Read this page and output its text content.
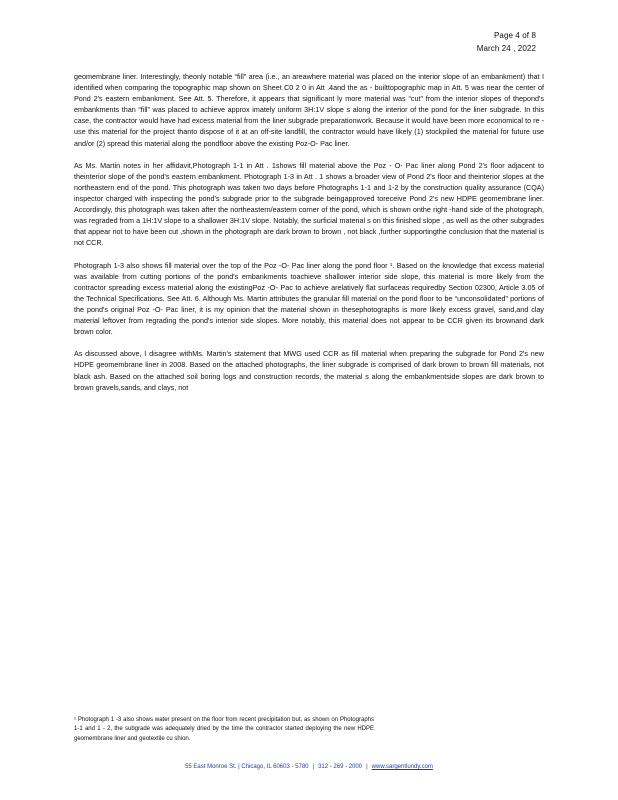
Page 4 of 8
March 24 , 2022

geomembrane liner. Interestingly, theonly notable “fill” area (i.e., an areawhere material was placed on the interior slope of an embankment) that I identified when comparing the topographic map shown on Sheet C0 2 0 in Att .4and the as - builttopographic map in Att. 5 was near the center of Pond 2's eastern embankment. See Att. 5. Therefore, it appears that significant ly more material was “cut” from the interior slopes of thepond's embankments than “fill” was placed to achieve approx imately uniform 3H:1V slope s along the interior of the pond for the liner subgrade. In this case, the contractor would have had excess material from the liner subgrade preparationwork. Because it would have been more economical to re -use this material for the project thanto dispose of it at an off-site landfill, the contractor would have likely (1) stockpiled the material for future use and/or (2) spread this material along the pondfloor above the existing Poz-O- Pac liner.

As Ms. Martin notes in her affidavit,Photograph 1-1 in Att . 1shows fill material above the Poz - O- Pac liner along Pond 2's floor adjacent to theinterior slope of the pond's eastern embankment. Photograph 1-3 in Att . 1 shows a broader view of Pond 2's floor and theinterior slopes at the northeastern end of the pond. This photograph was taken two days before Photographs 1-1 and 1-2 by the construction quality assurance (CQA) inspector charged with inspecting the pond's subgrade prior to the subgrade beingapproved toreceive Pond 2's new HDPE geomembrane liner. Accordingly, this photograph was taken after the northeastern/eastern corner of the pond, which is shown onthe right -hand side of the photograph, was regraded from a 1H:1V slope to a shallower 3H:1V slope. Notably, the surficial material s on this finished slope , as well as the other subgrades that appear not to have been cut ,shown in the photograph are dark brown to brown , not black ,further supportingthe conclusion that the material is not CCR.

Photograph 1-3 also shows fill material over the top of the Poz -O- Pac liner along the pond floor ¹. Based on the knowledge that excess material was available from cutting portions of the pond's embankments toachieve shallower interior side slope, this material is more likely from the contractor spreading excess material along the existingPoz -O- Pac to achieve arelatively flat surfaceas requiredby Section 02300, Article 3.05 of the Technical Specifications. See Att. 6. Although Ms. Martin attributes the granular fill material on the pond floor to be “unconsolidated” portions of the pond's original Poz -O- Pac liner, it is my opinion that the material shown in thesephotographs is more likely excess gravel, sand,and clay material leftover from regrading the pond's interior side slopes. More notably, this material does not appear to be CCR given its brownand dark brown color.

As discussed above, I disagree withMs. Martin's statement that MWG used CCR as fill material when preparing the subgrade for Pond 2's new HDPE geomembrane liner in 2008. Based on the attached photographs, the liner subgrade is comprised of dark brown to brown fill materials, not black ash. Based on the attached soil boring logs and construction records, the material s along the embankmentside slopes are dark brown to brown gravels,sands, and clays, not

¹ Photograph 1 -3 also shows water present on the floor from recent precipitation but, as shown on Photographs 1-1 and 1 - 2, the subgrade was adequately dried by the time the contractor started deploying the new HDPE geomembrane liner and geotextile cu shion.
55 East Monroe St. | Chicago, IL 60603 - 5780 | 312 - 269 - 2000 | www.sargentlundy.com
